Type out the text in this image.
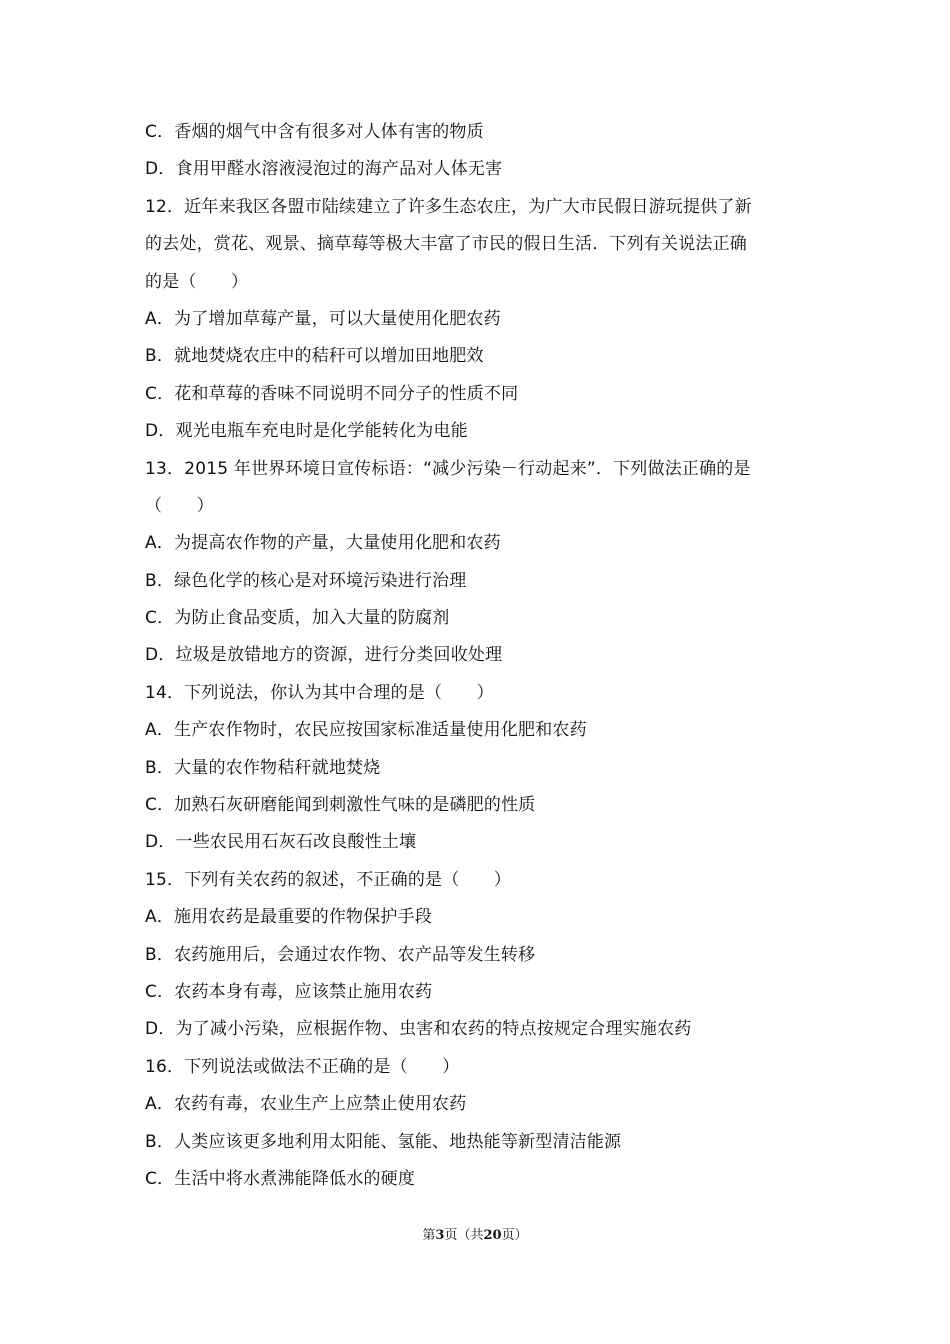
C．香烟的烟气中含有很多对人体有害的物质
D．食用甲醛水溶液浸泡过的海产品对人体无害
12．近年来我区各盟市陆续建立了许多生态农庄，为广大市民假日游玩提供了新
的去处，赏花、观景、摘草莓等极大丰富了市民的假日生活．下列有关说法正确
的是（　　）
A．为了增加草莓产量，可以大量使用化肥农药
B．就地焚烧农庄中的秸秆可以增加田地肥效
C．花和草莓的香味不同说明不同分子的性质不同
D．观光电瓶车充电时是化学能转化为电能
13．2015 年世界环境日宣传标语：“减少污染－行动起来”．下列做法正确的是
（　　）
A．为提高农作物的产量，大量使用化肥和农药
B．绿色化学的核心是对环境污染进行治理
C．为防止食品变质，加入大量的防腐剂
D．垃圾是放错地方的资源，进行分类回收处理
14．下列说法，你认为其中合理的是（　　）
A．生产农作物时，农民应按国家标准适量使用化肥和农药
B．大量的农作物秸秆就地焚烧
C．加熟石灰研磨能闻到刺激性气味的是磷肥的性质
D．一些农民用石灰石改良酸性土壤
15．下列有关农药的叙述，不正确的是（　　）
A．施用农药是最重要的作物保护手段
B．农药施用后，会通过农作物、农产品等发生转移
C．农药本身有毒，应该禁止施用农药
D．为了减小污染，应根据作物、虫害和农药的特点按规定合理实施农药
16．下列说法或做法不正确的是（　　）
A．农药有毒，农业生产上应禁止使用农药
B．人类应该更多地利用太阳能、氢能、地热能等新型清洁能源
C．生活中将水煮沸能降低水的硬度
第3页（共20页）
